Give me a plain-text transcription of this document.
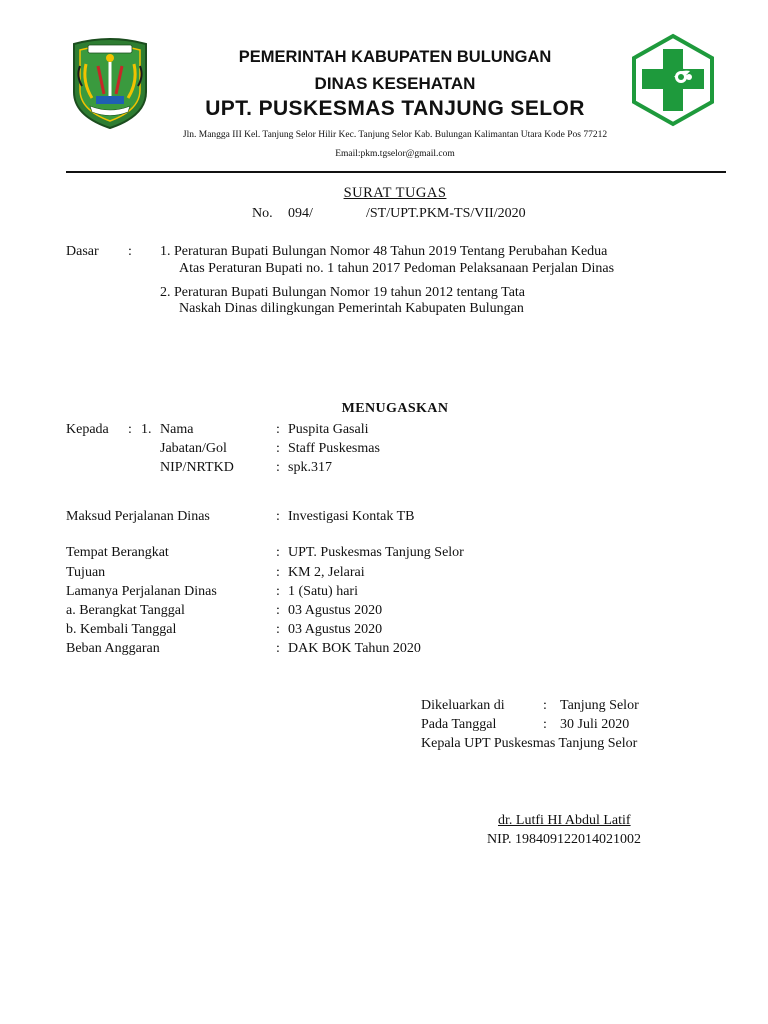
PEMERINTAH KABUPATEN BULUNGAN
DINAS KESEHATAN
UPT. PUSKESMAS TANJUNG SELOR
Jln. Mangga III Kel. Tanjung Selor Hilir Kec. Tanjung Selor Kab. Bulungan Kalimantan Utara Kode Pos 77212
Email:pkm.tgselor@gmail.com
SURAT TUGAS
No. 094/	/ST/UPT.PKM-TS/VII/2020
Dasar : 1. Peraturan Bupati Bulungan Nomor 48 Tahun 2019 Tentang Perubahan Kedua
Atas Peraturan Bupati no. 1 tahun 2017 Pedoman Pelaksanaan Perjalan Dinas
2. Peraturan Bupati Bulungan Nomor 19 tahun 2012 tentang Tata
Naskah Dinas dilingkungan Pemerintah Kabupaten Bulungan
MENUGASKAN
Kepada : 1. Nama	: Puspita Gasali
Jabatan/Gol	: Staff Puskesmas
NIP/NRTKD	: spk.317
Maksud Perjalanan Dinas	: Investigasi Kontak TB
Tempat Berangkat	: UPT. Puskesmas Tanjung Selor
Tujuan	: KM 2, Jelarai
Lamanya Perjalanan Dinas	: 1 (Satu) hari
a. Berangkat Tanggal	: 03 Agustus 2020
b. Kembali Tanggal	: 03 Agustus 2020
Beban Anggaran	: DAK BOK Tahun 2020
Dikeluarkan di	: Tanjung Selor
Pada Tanggal	: 30 Juli 2020
Kepala UPT Puskesmas Tanjung Selor
dr. Lutfi HI Abdul Latif
NIP. 198409122014021002
